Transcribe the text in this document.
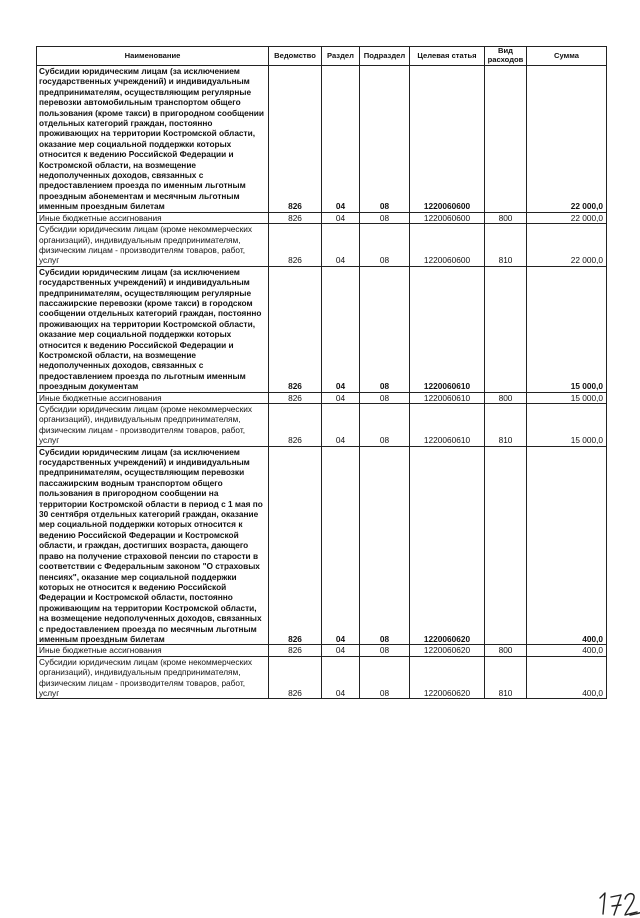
Наименование	Ведомство	Раздел	Подраздел	Целевая статья	Вид расходов	Сумма
Субсидии юридическим лицам (за исключением государственных учреждений) и индивидуальным предпринимателям, осуществляющим регулярные перевозки автомобильным транспортом общего пользования (кроме такси) в пригородном сообщении отдельных категорий граждан, постоянно проживающих на территории Костромской области, оказание мер социальной поддержки которых относится к ведению Российской Федерации и Костромской области, на возмещение недополученных доходов, связанных с предоставлением проезда по именным льготным проездным абонементам и месячным льготным именным проездным билетам	826	04	08	1220060600		22 000,0
Иные бюджетные ассигнования	826	04	08	1220060600	800	22 000,0
Субсидии юридическим лицам (кроме некоммерческих организаций), индивидуальным предпринимателям, физическим лицам - производителям товаров, работ, услуг	826	04	08	1220060600	810	22 000,0
Субсидии юридическим лицам (за исключением государственных учреждений) и индивидуальным предпринимателям, осуществляющим регулярные пассажирские перевозки (кроме такси) в городском сообщении отдельных категорий граждан, постоянно проживающих на территории Костромской области, оказание мер социальной поддержки которых относится к ведению Российской Федерации и Костромской области, на возмещение недополученных доходов, связанных с предоставлением проезда по льготным именным проездным документам	826	04	08	1220060610		15 000,0
Иные бюджетные ассигнования	826	04	08	1220060610	800	15 000,0
Субсидии юридическим лицам (кроме некоммерческих организаций), индивидуальным предпринимателям, физическим лицам - производителям товаров, работ, услуг	826	04	08	1220060610	810	15 000,0
Субсидии юридическим лицам (за исключением государственных учреждений) и индивидуальным предпринимателям, осуществляющим перевозки пассажирским водным транспортом общего пользования в пригородном сообщении на территории Костромской области в период с 1 мая по 30 сентября отдельных категорий граждан, оказание мер социальной поддержки которых относится к ведению Российской Федерации и Костромской области, и граждан, достигших возраста, дающего право на получение страховой пенсии по старости в соответствии с Федеральным законом "О страховых пенсиях", оказание мер социальной поддержки которых не относится к ведению Российской Федерации и Костромской области, постоянно проживающим на территории Костромской области, на возмещение недополученных доходов, связанных с предоставлением проезда по месячным льготным именным проездным билетам	826	04	08	1220060620		400,0
Иные бюджетные ассигнования	826	04	08	1220060620	800	400,0
Субсидии юридическим лицам (кроме некоммерческих организаций), индивидуальным предпринимателям, физическим лицам - производителям товаров, работ, услуг	826	04	08	1220060620	810	400,0
